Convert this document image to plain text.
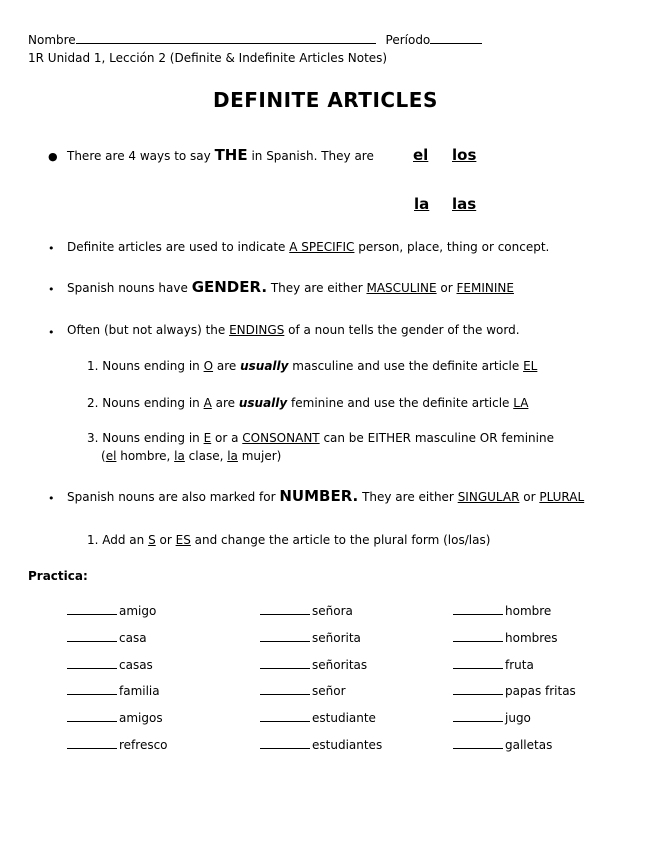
Nombre	Período
1R Unidad 1, Lección 2 (Definite & Indefinite Articles Notes)
DEFINITE ARTICLES
● There are 4 ways to say THE in Spanish. They are	el los
la las
• Definite articles are used to indicate A SPECIFIC person, place, thing or concept.
• Spanish nouns have GENDER. They are either MASCULINE or FEMININE
• Often (but not always) the ENDINGS of a noun tells the gender of the word.
1. Nouns ending in O are usually masculine and use the definite article EL
2. Nouns ending in A are usually feminine and use the definite article LA
3. Nouns ending in E or a CONSONANT can be EITHER masculine OR feminine
(el hombre, la clase, la mujer)
• Spanish nouns are also marked for NUMBER. They are either SINGULAR or PLURAL
1. Add an S or ES and change the article to the plural form (los/las)
Practica:
amigo
casa
casas
familia
amigos
refresco
señora
señorita
señoritas
señor
estudiante
estudiantes
hombre
hombres
fruta
papas fritas
jugo
galletas
